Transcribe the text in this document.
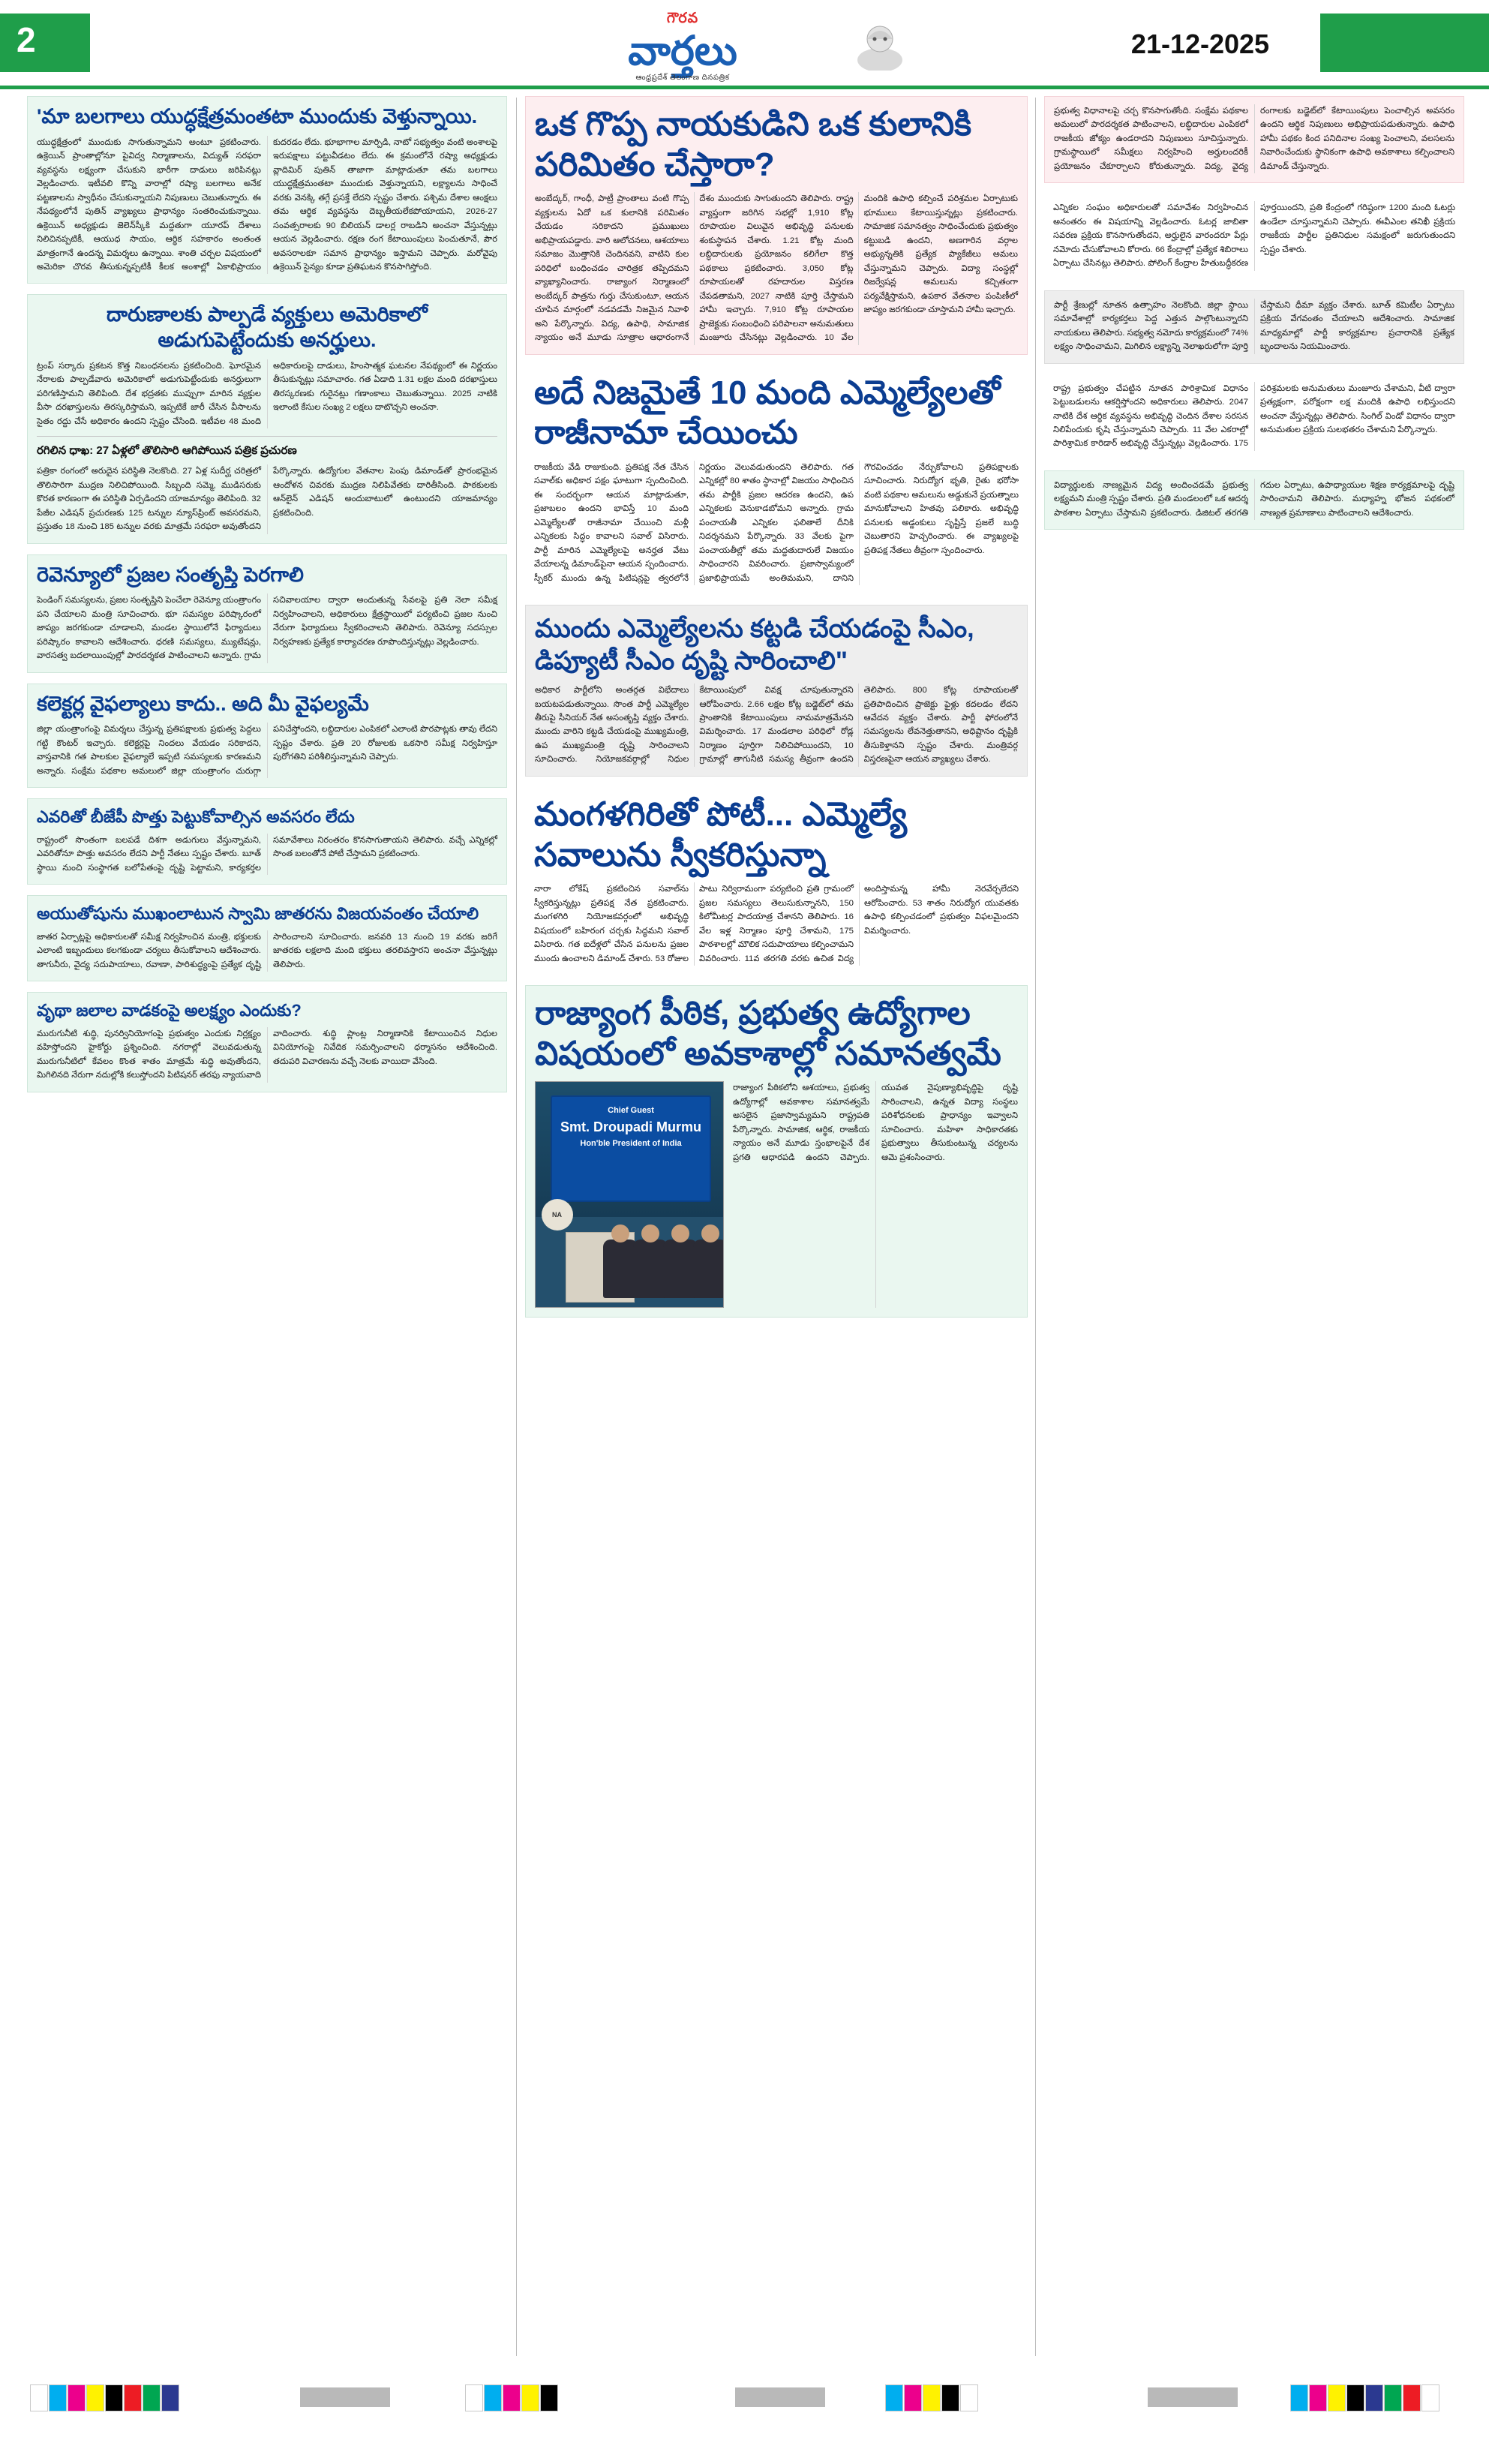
2
గౌరవ
వార్తలు
ఆంధ్రప్రదేశ్ తెలంగాణ దినపత్రిక
21-12-2025
'మా బలగాలు యుద్ధక్షేత్రమంతటా ముందుకు వెళ్తున్నాయి.
యుద్ధక్షేత్రంలో ముందుకు సాగుతున్నామని అంటూ ప్రకటించారు. ఉక్రెయిన్ ప్రాంతాల్లోనూ పైవిద్వ నిర్మాణాలను, విద్యుత్ సరఫరా వ్యవస్థను లక్ష్యంగా చేసుకుని భారీగా దాడులు జరిపినట్లు వెల్లడించారు. ఇటీవలి కొన్ని వారాల్లో రష్యా బలగాలు అనేక పట్టణాలను స్వాధీనం చేసుకున్నాయని నిపుణులు చెబుతున్నారు. ఈ నేపథ్యంలోనే పుతిన్ వ్యాఖ్యలు ప్రాధాన్యం సంతరించుకున్నాయి. ఉక్రెయిన్ అధ్యక్షుడు జెలెన్‌స్కీకి మద్దతుగా యూరప్ దేశాలు నిలిచినప్పటికీ, ఆయుధ సాయం, ఆర్థిక సహకారం అంతంత మాత్రంగానే ఉందన్న విమర్శలు ఉన్నాయి. శాంతి చర్చల విషయంలో అమెరికా చొరవ తీసుకున్నప్పటికీ కీలక అంశాల్లో ఏకాభిప్రాయం కుదరడం లేదు. భూభాగాల మార్పిడి, నాటో సభ్యత్వం వంటి అంశాలపై ఇరుపక్షాలు పట్టువీడటం లేదు. ఈ క్రమంలోనే రష్యా అధ్యక్షుడు వ్లాదిమిర్ పుతిన్ తాజాగా మాట్లాడుతూ తమ బలగాలు యుద్ధక్షేత్రమంతటా ముందుకు వెళ్తున్నాయని, లక్ష్యాలను సాధించే వరకు వెనక్కి తగ్గే ప్రసక్తే లేదని స్పష్టం చేశారు. పశ్చిమ దేశాల ఆంక్షలు తమ ఆర్థిక వ్యవస్థను దెబ్బతీయలేకపోయాయని, 2026-27 సంవత్సరాలకు 90 బిలియన్ డాలర్ల రాబడిని అంచనా వేస్తున్నట్లు ఆయన వెల్లడించారు. రక్షణ రంగ కేటాయింపులు పెంచుతూనే, పౌర అవసరాలకూ సమాన ప్రాధాన్యం ఇస్తామని చెప్పారు. మరోవైపు ఉక్రెయిన్ సైన్యం కూడా ప్రతిఘటన కొనసాగిస్తోంది.
దారుణాలకు పాల్పడే వ్యక్తులు అమెరికాలో అడుగుపెట్టేందుకు అనర్హులు.
ట్రంప్ సర్కారు ప్రకటన కొత్త నిబంధనలను ప్రకటించింది. ఘోరమైన నేరాలకు పాల్పడేవారు అమెరికాలో అడుగుపెట్టేందుకు అనర్హులుగా పరిగణిస్తామని తెలిపింది. దేశ భద్రతకు ముప్పుగా మారిన వ్యక్తుల వీసా దరఖాస్తులను తిరస్కరిస్తామని, ఇప్పటికే జారీ చేసిన వీసాలను సైతం రద్దు చేసే అధికారం ఉందని స్పష్టం చేసింది. ఇటీవల 48 మంది అధికారులపై దాడులు, హింసాత్మక ఘటనల నేపథ్యంలో ఈ నిర్ణయం తీసుకున్నట్లు సమాచారం. గత ఏడాది 1.31 లక్షల మంది దరఖాస్తులు తిరస్కరణకు గురైనట్లు గణాంకాలు చెబుతున్నాయి. 2025 నాటికి ఇలాంటి కేసుల సంఖ్య 2 లక్షలు దాటొచ్చని అంచనా.
రగిలిన ధాఖ: 27 ఏళ్లలో తొలిసారి ఆగిపోయిన పత్రిక ప్రచురణ
పత్రికా రంగంలో అరుదైన పరిస్థితి నెలకొంది. 27 ఏళ్ల సుదీర్ఘ చరిత్రలో తొలిసారిగా ముద్రణ నిలిచిపోయింది. సిబ్బంది సమ్మె, ముడిసరుకు కొరత కారణంగా ఈ పరిస్థితి ఏర్పడిందని యాజమాన్యం తెలిపింది. 32 పేజీల ఎడిషన్ ప్రచురణకు 125 టన్నుల న్యూస్‌ప్రింట్ అవసరమని, ప్రస్తుతం 18 నుంచి 185 టన్నుల వరకు మాత్రమే సరఫరా అవుతోందని పేర్కొన్నారు. ఉద్యోగుల వేతనాల పెంపు డిమాండ్‌తో ప్రారంభమైన ఆందోళన చివరకు ముద్రణ నిలిపివేతకు దారితీసింది. పాఠకులకు ఆన్‌లైన్ ఎడిషన్ అందుబాటులో ఉంటుందని యాజమాన్యం ప్రకటించింది.
రెవెన్యూలో ప్రజల సంతృప్తి పెరగాలి
పెండింగ్ సమస్యలను, ప్రజల సంతృప్తిని పెంచేలా రెవెన్యూ యంత్రాంగం పని చేయాలని మంత్రి సూచించారు. భూ సమస్యల పరిష్కారంలో జాప్యం జరగకుండా చూడాలని, మండల స్థాయిలోనే ఫిర్యాదులు పరిష్కారం కావాలని ఆదేశించారు. ధరణి సమస్యలు, మ్యుటేషన్లు, వారసత్వ బదలాయింపుల్లో పారదర్శకత పాటించాలని అన్నారు. గ్రామ సచివాలయాల ద్వారా అందుతున్న సేవలపై ప్రతి నెలా సమీక్ష నిర్వహించాలని, అధికారులు క్షేత్రస్థాయిలో పర్యటించి ప్రజల నుంచి నేరుగా ఫిర్యాదులు స్వీకరించాలని తెలిపారు. రెవెన్యూ సదస్సుల నిర్వహణకు ప్రత్యేక కార్యాచరణ రూపొందిస్తున్నట్లు వెల్లడించారు.
కలెక్టర్ల వైఫల్యాలు కాదు.. అది మీ వైఫల్యమే
జిల్లా యంత్రాంగంపై విమర్శలు చేస్తున్న ప్రతిపక్షాలకు ప్రభుత్వ పెద్దలు గట్టి కౌంటర్ ఇచ్చారు. కలెక్టర్లపై నిందలు వేయడం సరికాదని, వాస్తవానికి గత పాలకుల వైఫల్యాలే ఇప్పటి సమస్యలకు కారణమని అన్నారు. సంక్షేమ పథకాల అమలులో జిల్లా యంత్రాంగం చురుగ్గా పనిచేస్తోందని, లబ్ధిదారుల ఎంపికలో ఎలాంటి పొరపాట్లకు తావు లేదని స్పష్టం చేశారు. ప్రతి 20 రోజులకు ఒకసారి సమీక్ష నిర్వహిస్తూ పురోగతిని పరిశీలిస్తున్నామని చెప్పారు.
ఎవరితో బీజేపీ పొత్తు పెట్టుకోవాల్సిన అవసరం లేదు
రాష్ట్రంలో సొంతంగా బలపడే దిశగా అడుగులు వేస్తున్నామని, ఎవరితోనూ పొత్తు అవసరం లేదని పార్టీ నేతలు స్పష్టం చేశారు. బూత్ స్థాయి నుంచి సంస్థాగత బలోపేతంపై దృష్టి పెట్టామని, కార్యకర్తల సమావేశాలు నిరంతరం కొనసాగుతాయని తెలిపారు. వచ్చే ఎన్నికల్లో సొంత బలంతోనే పోటీ చేస్తామని ప్రకటించారు.
అయుతోషును ముఖంలాటున స్వామి జాతరను విజయవంతం చేయాలి
జాతర ఏర్పాట్లపై అధికారులతో సమీక్ష నిర్వహించిన మంత్రి, భక్తులకు ఎలాంటి ఇబ్బందులు కలగకుండా చర్యలు తీసుకోవాలని ఆదేశించారు. తాగునీరు, వైద్య సదుపాయాలు, రవాణా, పారిశుద్ధ్యంపై ప్రత్యేక దృష్టి సారించాలని సూచించారు. జనవరి 13 నుంచి 19 వరకు జరిగే జాతరకు లక్షలాది మంది భక్తులు తరలివస్తారని అంచనా వేస్తున్నట్లు తెలిపారు.
వృథా జలాల వాడకంపై అలక్ష్యం ఎందుకు?
మురుగునీటి శుద్ధి, పునర్వినియోగంపై ప్రభుత్వం ఎందుకు నిర్లక్ష్యం వహిస్తోందని హైకోర్టు ప్రశ్నించింది. నగరాల్లో వెలువడుతున్న మురుగునీటిలో కేవలం కొంత శాతం మాత్రమే శుద్ధి అవుతోందని, మిగిలినది నేరుగా నదుల్లోకి కలుస్తోందని పిటిషనర్ తరఫు న్యాయవాది వాదించారు. శుద్ధి ప్లాంట్ల నిర్మాణానికి కేటాయించిన నిధుల వినియోగంపై నివేదిక సమర్పించాలని ధర్మాసనం ఆదేశించింది. తదుపరి విచారణను వచ్చే నెలకు వాయిదా వేసింది.
ఒక గొప్ప నాయకుడిని ఒక కులానికి పరిమితం చేస్తారా?
అంబేద్కర్, గాంధీ, పాట్రీ ప్రాంతాలు వంటి గొప్ప వ్యక్తులను ఏదో ఒక కులానికి పరిమితం చేయడం సరికాదని ప్రముఖులు అభిప్రాయపడ్డారు. వారి ఆలోచనలు, ఆశయాలు సమాజం మొత్తానికి చెందినవని, వాటిని కుల పరిధిలో బంధించడం చారిత్రక తప్పిదమని వ్యాఖ్యానించారు. రాజ్యాంగ నిర్మాణంలో అంబేద్కర్ పాత్రను గుర్తు చేసుకుంటూ, ఆయన చూపిన మార్గంలో నడవడమే నిజమైన నివాళి అని పేర్కొన్నారు. విద్య, ఉపాధి, సామాజిక న్యాయం అనే మూడు సూత్రాల ఆధారంగానే దేశం ముందుకు సాగుతుందని తెలిపారు. రాష్ట్ర వ్యాప్తంగా జరిగిన సభల్లో 1,910 కోట్ల రూపాయల విలువైన అభివృద్ధి పనులకు శంకుస్థాపన చేశారు. 1.21 కోట్ల మంది లబ్ధిదారులకు ప్రయోజనం కలిగేలా కొత్త పథకాలు ప్రకటించారు. 3,050 కోట్ల రూపాయలతో రహదారుల విస్తరణ చేపడతామని, 2027 నాటికి పూర్తి చేస్తామని హామీ ఇచ్చారు. 7,910 కోట్ల రూపాయల ప్రాజెక్టుకు సంబంధించి పరిపాలనా అనుమతులు మంజూరు చేసినట్లు వెల్లడించారు. 10 వేల మందికి ఉపాధి కల్పించే పరిశ్రమల ఏర్పాటుకు భూములు కేటాయిస్తున్నట్లు ప్రకటించారు. సామాజిక సమానత్వం సాధించేందుకు ప్రభుత్వం కట్టుబడి ఉందని, అణగారిన వర్గాల అభ్యున్నతికి ప్రత్యేక ప్యాకేజీలు అమలు చేస్తున్నామని చెప్పారు. విద్యా సంస్థల్లో రిజర్వేషన్ల అమలును కచ్చితంగా పర్యవేక్షిస్తామని, ఉపకార వేతనాల పంపిణీలో జాప్యం జరగకుండా చూస్తామని హామీ ఇచ్చారు.
అదే నిజమైతే 10 మంది ఎమ్మెల్యేలతో రాజీనామా చేయించు
రాజకీయ వేడి రాజుకుంది. ప్రతిపక్ష నేత చేసిన సవాల్‌కు అధికార పక్షం ఘాటుగా స్పందించింది. ఈ సందర్భంగా ఆయన మాట్లాడుతూ, ప్రజాబలం ఉందని భావిస్తే 10 మంది ఎమ్మెల్యేలతో రాజీనామా చేయించి మళ్లీ ఎన్నికలకు సిద్ధం కావాలని సవాల్ విసిరారు. పార్టీ మారిన ఎమ్మెల్యేలపై అనర్హత వేటు వేయాలన్న డిమాండ్‌పైనా ఆయన స్పందించారు. స్పీకర్ ముందు ఉన్న పిటిషన్లపై త్వరలోనే నిర్ణయం వెలువడుతుందని తెలిపారు. గత ఎన్నికల్లో 80 శాతం స్థానాల్లో విజయం సాధించిన తమ పార్టీకి ప్రజల ఆదరణ ఉందని, ఉప ఎన్నికలకు వెనుకాడబోమని అన్నారు. గ్రామ పంచాయతీ ఎన్నికల ఫలితాలే దీనికి నిదర్శనమని పేర్కొన్నారు. 33 వేలకు పైగా పంచాయతీల్లో తమ మద్దతుదారులే విజయం సాధించారని వివరించారు. ప్రజాస్వామ్యంలో ప్రజాభిప్రాయమే అంతిమమని, దానిని గౌరవించడం నేర్చుకోవాలని ప్రతిపక్షాలకు సూచించారు. నిరుద్యోగ భృతి, రైతు భరోసా వంటి పథకాల అమలును అడ్డుకునే ప్రయత్నాలు మానుకోవాలని హితవు పలికారు. అభివృద్ధి పనులకు అడ్డంకులు సృష్టిస్తే ప్రజలే బుద్ధి చెబుతారని హెచ్చరించారు. ఈ వ్యాఖ్యలపై ప్రతిపక్ష నేతలు తీవ్రంగా స్పందించారు.
ముందు ఎమ్మెల్యేలను కట్టడి చేయడంపై సీఎం, డిప్యూటీ సీఎం దృష్టి సారించాలి"
అధికార పార్టీలోని అంతర్గత విభేదాలు బయటపడుతున్నాయి. సొంత పార్టీ ఎమ్మెల్యేల తీరుపై సీనియర్ నేత అసంతృప్తి వ్యక్తం చేశారు. ముందు వారిని కట్టడి చేయడంపై ముఖ్యమంత్రి, ఉప ముఖ్యమంత్రి దృష్టి సారించాలని సూచించారు. నియోజకవర్గాల్లో నిధుల కేటాయింపులో వివక్ష చూపుతున్నారని ఆరోపించారు. 2.66 లక్షల కోట్ల బడ్జెట్‌లో తమ ప్రాంతానికి కేటాయింపులు నామమాత్రమేనని విమర్శించారు. 17 మండలాల పరిధిలో రోడ్ల నిర్మాణం పూర్తిగా నిలిచిపోయిందని, 10 గ్రామాల్లో తాగునీటి సమస్య తీవ్రంగా ఉందని తెలిపారు. 800 కోట్ల రూపాయలతో ప్రతిపాదించిన ప్రాజెక్టు ఫైళ్లు కదలడం లేదని ఆవేదన వ్యక్తం చేశారు. పార్టీ ఫోరంలోనే సమస్యలను లేవనెత్తుతానని, అధిష్టానం దృష్టికి తీసుకెళ్తానని స్పష్టం చేశారు. మంత్రివర్గ విస్తరణపైనా ఆయన వ్యాఖ్యలు చేశారు.
మంగళగిరితో పోటీ... ఎమ్మెల్యే సవాలును స్వీకరిస్తున్నా
నారా లోకేష్ ప్రకటించిన సవాల్‌ను స్వీకరిస్తున్నట్లు ప్రతిపక్ష నేత ప్రకటించారు. మంగళగిరి నియోజకవర్గంలో అభివృద్ధి విషయంలో బహిరంగ చర్చకు సిద్ధమని సవాల్ విసిరారు. గత ఐదేళ్లలో చేసిన పనులను ప్రజల ముందు ఉంచాలని డిమాండ్ చేశారు. 53 రోజుల పాటు నిర్విరామంగా పర్యటించి ప్రతి గ్రామంలో ప్రజల సమస్యలు తెలుసుకున్నానని, 150 కిలోమీటర్ల పాదయాత్ర చేశానని తెలిపారు. 16 వేల ఇళ్ల నిర్మాణం పూర్తి చేశామని, 175 పాఠశాలల్లో మౌలిక సదుపాయాలు కల్పించామని వివరించారు. 11వ తరగతి వరకు ఉచిత విద్య అందిస్తామన్న హామీ నెరవేర్చలేదని ఆరోపించారు. 53 శాతం నిరుద్యోగ యువతకు ఉపాధి కల్పించడంలో ప్రభుత్వం విఫలమైందని విమర్శించారు.
రాజ్యాంగ పీఠిక, ప్రభుత్వ ఉద్యోగాల విషయంలో అవకాశాల్లో సమానత్వమే
Chief Guest
Smt. Droupadi Murmu
Hon'ble President of India
NA
రాజ్యాంగ పీఠికలోని ఆశయాలు, ప్రభుత్వ ఉద్యోగాల్లో అవకాశాల సమానత్వమే అసలైన ప్రజాస్వామ్యమని రాష్ట్రపతి పేర్కొన్నారు. సామాజిక, ఆర్థిక, రాజకీయ న్యాయం అనే మూడు స్తంభాలపైనే దేశ ప్రగతి ఆధారపడి ఉందని చెప్పారు. యువత నైపుణ్యాభివృద్ధిపై దృష్టి సారించాలని, ఉన్నత విద్యా సంస్థలు పరిశోధనలకు ప్రాధాన్యం ఇవ్వాలని సూచించారు. మహిళా సాధికారతకు ప్రభుత్వాలు తీసుకుంటున్న చర్యలను ఆమె ప్రశంసించారు.
ప్రభుత్వ విధానాలపై చర్చ కొనసాగుతోంది. సంక్షేమ పథకాల అమలులో పారదర్శకత పాటించాలని, లబ్ధిదారుల ఎంపికలో రాజకీయ జోక్యం ఉండరాదని నిపుణులు సూచిస్తున్నారు. గ్రామస్థాయిలో సమీక్షలు నిర్వహించి అర్హులందరికీ ప్రయోజనం చేకూర్చాలని కోరుతున్నారు. విద్య, వైద్య రంగాలకు బడ్జెట్‌లో కేటాయింపులు పెంచాల్సిన అవసరం ఉందని ఆర్థిక నిపుణులు అభిప్రాయపడుతున్నారు. ఉపాధి హామీ పథకం కింద పనిదినాల సంఖ్య పెంచాలని, వలసలను నివారించేందుకు స్థానికంగా ఉపాధి అవకాశాలు కల్పించాలని డిమాండ్ చేస్తున్నారు.
ఎన్నికల సంఘం అధికారులతో సమావేశం నిర్వహించిన అనంతరం ఈ విషయాన్ని వెల్లడించారు. ఓటర్ల జాబితా సవరణ ప్రక్రియ కొనసాగుతోందని, అర్హులైన వారందరూ పేర్లు నమోదు చేసుకోవాలని కోరారు. 66 కేంద్రాల్లో ప్రత్యేక శిబిరాలు ఏర్పాటు చేసినట్లు తెలిపారు. పోలింగ్ కేంద్రాల హేతుబద్ధీకరణ పూర్తయిందని, ప్రతి కేంద్రంలో గరిష్ఠంగా 1200 మంది ఓటర్లు ఉండేలా చూస్తున్నామని చెప్పారు. ఈవీఎంల తనిఖీ ప్రక్రియ రాజకీయ పార్టీల ప్రతినిధుల సమక్షంలో జరుగుతుందని స్పష్టం చేశారు.
పార్టీ శ్రేణుల్లో నూతన ఉత్సాహం నెలకొంది. జిల్లా స్థాయి సమావేశాల్లో కార్యకర్తలు పెద్ద ఎత్తున పాల్గొంటున్నారని నాయకులు తెలిపారు. సభ్యత్వ నమోదు కార్యక్రమంలో 74% లక్ష్యం సాధించామని, మిగిలిన లక్ష్యాన్ని నెలాఖరులోగా పూర్తి చేస్తామని ధీమా వ్యక్తం చేశారు. బూత్ కమిటీల ఏర్పాటు ప్రక్రియ వేగవంతం చేయాలని ఆదేశించారు. సామాజిక మాధ్యమాల్లో పార్టీ కార్యక్రమాల ప్రచారానికి ప్రత్యేక బృందాలను నియమించారు.
రాష్ట్ర ప్రభుత్వం చేపట్టిన నూతన పారిశ్రామిక విధానం పెట్టుబడులను ఆకర్షిస్తోందని అధికారులు తెలిపారు. 2047 నాటికి దేశ ఆర్థిక వ్యవస్థను అభివృద్ధి చెందిన దేశాల సరసన నిలిపేందుకు కృషి చేస్తున్నామని చెప్పారు. 11 వేల ఎకరాల్లో పారిశ్రామిక కారిడార్ అభివృద్ధి చేస్తున్నట్లు వెల్లడించారు. 175 పరిశ్రమలకు అనుమతులు మంజూరు చేశామని, వీటి ద్వారా ప్రత్యక్షంగా, పరోక్షంగా లక్ష మందికి ఉపాధి లభిస్తుందని అంచనా వేస్తున్నట్లు తెలిపారు. సింగిల్ విండో విధానం ద్వారా అనుమతుల ప్రక్రియ సులభతరం చేశామని పేర్కొన్నారు.
విద్యార్థులకు నాణ్యమైన విద్య అందించడమే ప్రభుత్వ లక్ష్యమని మంత్రి స్పష్టం చేశారు. ప్రతి మండలంలో ఒక ఆదర్శ పాఠశాల ఏర్పాటు చేస్తామని ప్రకటించారు. డిజిటల్ తరగతి గదుల ఏర్పాటు, ఉపాధ్యాయుల శిక్షణ కార్యక్రమాలపై దృష్టి సారించామని తెలిపారు. మధ్యాహ్న భోజన పథకంలో నాణ్యత ప్రమాణాలు పాటించాలని ఆదేశించారు.
